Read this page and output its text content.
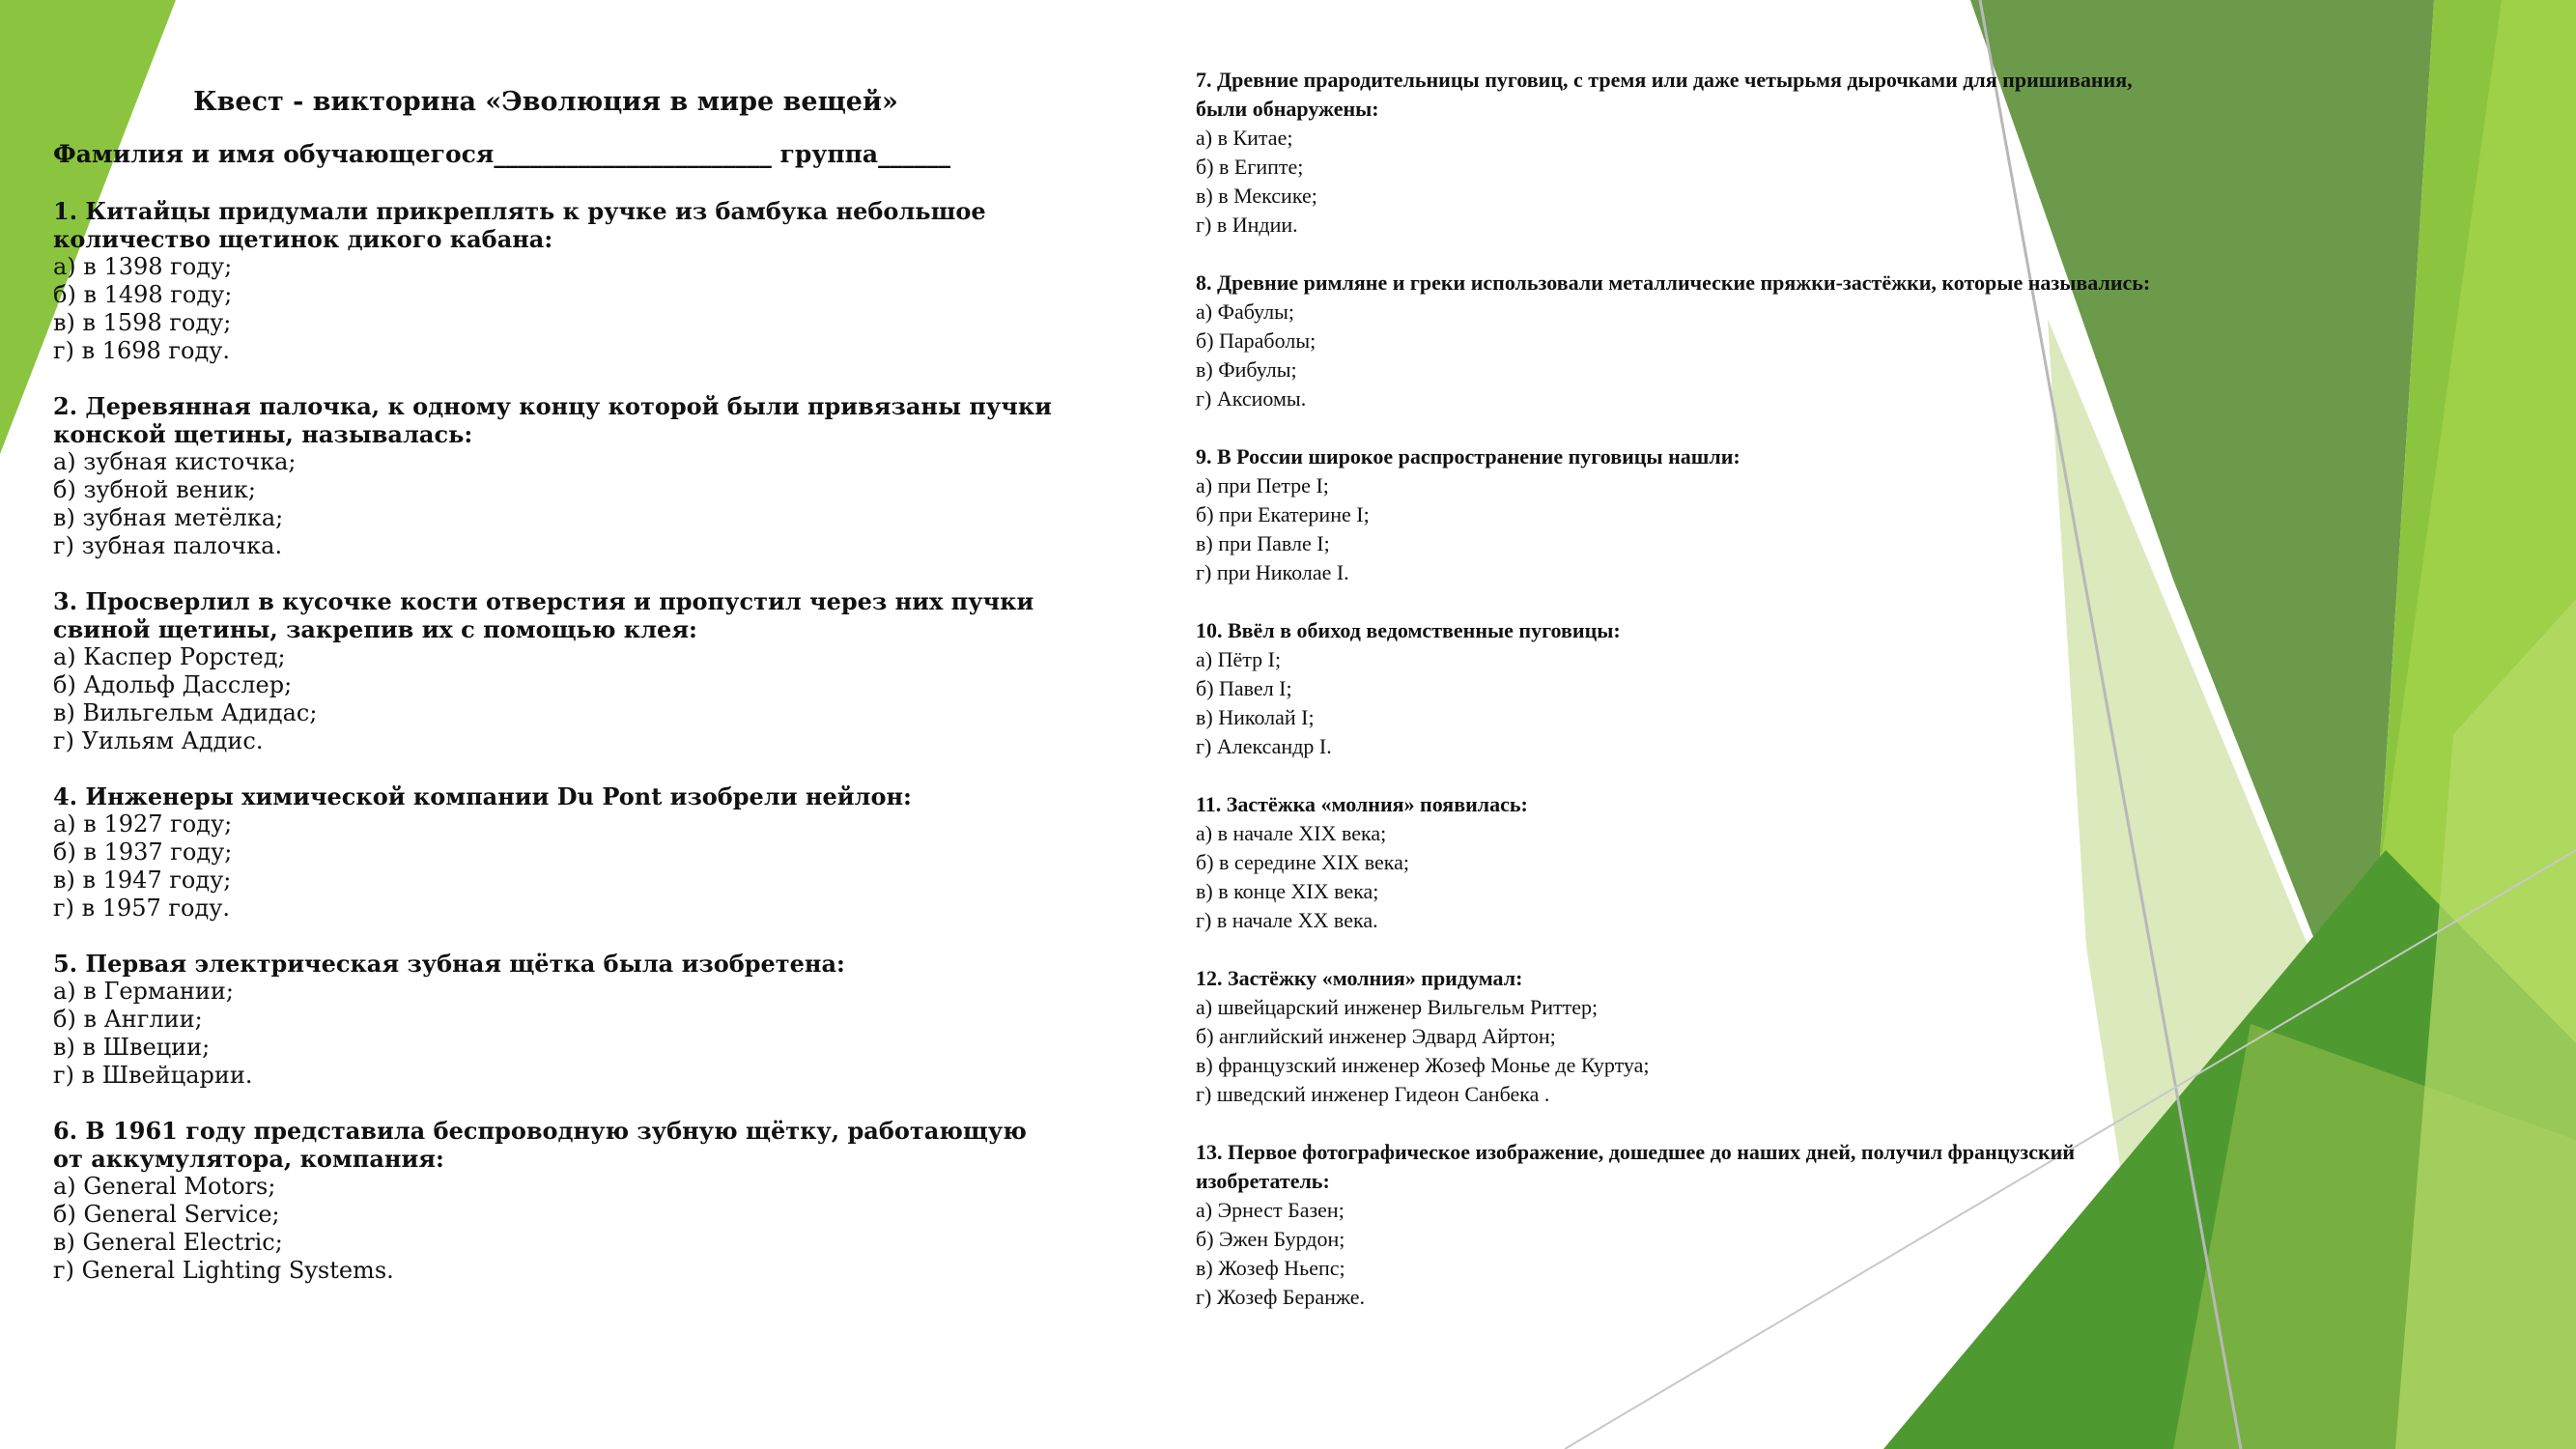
Квест - викторина «Эволюция в мире вещей»
Фамилия и имя обучающегося_______________________ группа______
1. Китайцы придумали прикреплять к ручке из бамбука небольшое количество щетинок дикого кабана:
а) в 1398 году;
б) в 1498 году;
в) в 1598 году;
г) в 1698 году.
2. Деревянная палочка, к одному концу которой были привязаны пучки конской щетины, называлась:
а) зубная кисточка;
б) зубной веник;
в) зубная метёлка;
г) зубная палочка.
3. Просверлил в кусочке кости отверстия и пропустил через них пучки свиной щетины, закрепив их с помощью клея:
а) Каспер Рорстед;
б) Адольф Дасслер;
в) Вильгельм Адидас;
г) Уильям Аддис.
4. Инженеры химической компании Du Pont изобрели нейлон:
а) в 1927 году;
б) в 1937 году;
в) в 1947 году;
г) в 1957 году.
5. Первая электрическая зубная щётка была изобретена:
а) в Германии;
б) в Англии;
в) в Швеции;
г) в Швейцарии.
6. В 1961 году представила беспроводную зубную щётку, работающую от аккумулятора, компания:
а) General Motors;
б) General Service;
в) General Electric;
г) General Lighting Systems.
7. Древние прародительницы пуговиц, с тремя или даже четырьмя дырочками для пришивания, были обнаружены:
а) в Китае;
б) в Египте;
в) в Мексике;
г) в Индии.
8. Древние римляне и греки использовали металлические пряжки-застёжки, которые назывались:
а) Фабулы;
б) Параболы;
в) Фибулы;
г) Аксиомы.
9. В России широкое распространение пуговицы нашли:
а) при Петре I;
б) при Екатерине I;
в) при Павле I;
г) при Николае I.
10. Ввёл в обиход ведомственные пуговицы:
а) Пётр I;
б) Павел I;
в) Николай I;
г) Александр I.
11. Застёжка «молния» появилась:
а) в начале XIX века;
б) в середине XIX века;
в) в конце XIX века;
г) в начале XX века.
12. Застёжку «молния» придумал:
а) швейцарский инженер Вильгельм Риттер;
б) английский инженер Эдвард Айртон;
в) французский инженер Жозеф Монье де Куртуа;
г) шведский инженер Гидеон Санбека .
13. Первое фотографическое изображение, дошедшее до наших дней, получил французский изобретатель:
а) Эрнест Базен;
б) Эжен Бурдон;
в) Жозеф Ньепс;
г) Жозеф Беранже.
